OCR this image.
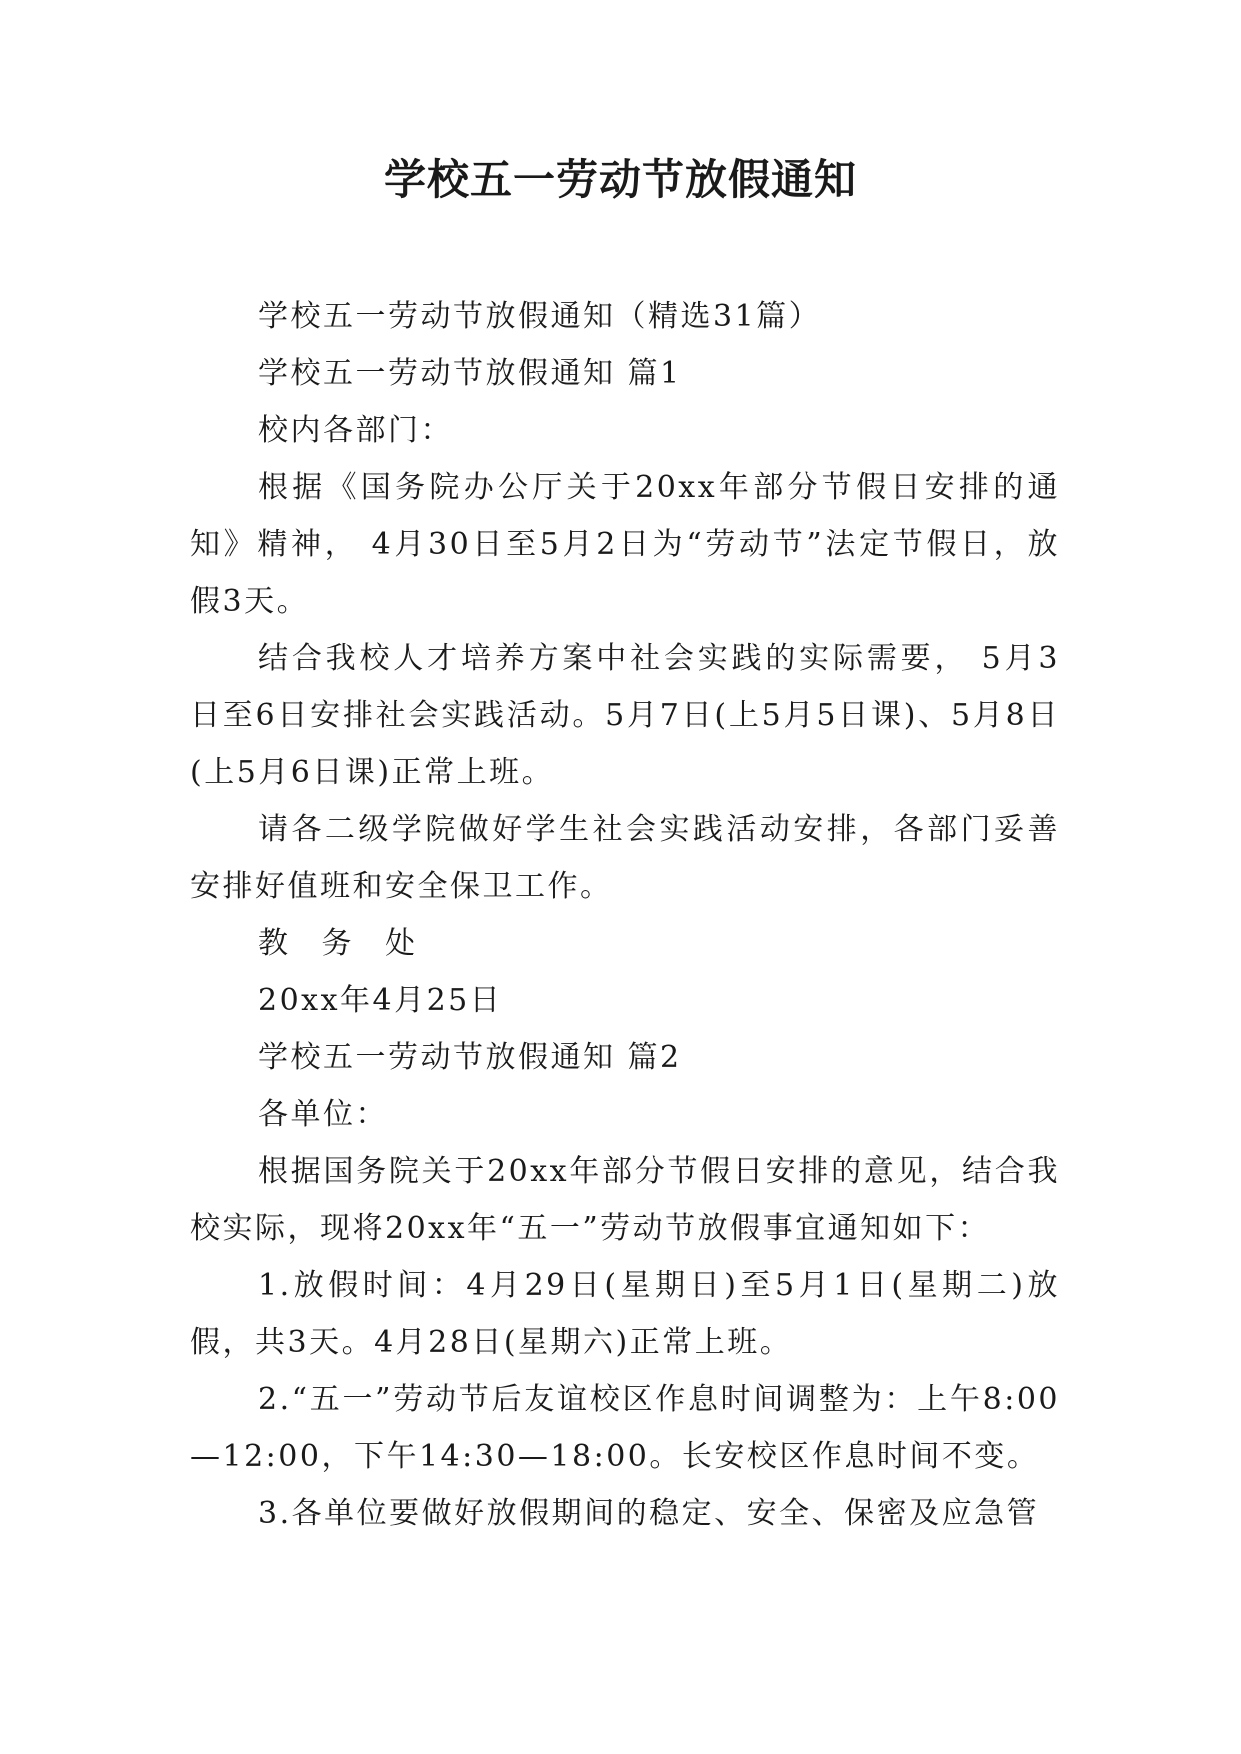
学校五一劳动节放假通知

学校五一劳动节放假通知（精选31篇）

学校五一劳动节放假通知 篇1

校内各部门：

根据《国务院办公厅关于20xx年部分节假日安排的通知》精神， 4月30日至5月2日为“劳动节”法定节假日，放假3天。

结合我校人才培养方案中社会实践的实际需要， 5月3日至6日安排社会实践活动。5月7日(上5月5日课)、5月8日(上5月6日课)正常上班。

请各二级学院做好学生社会实践活动安排，各部门妥善安排好值班和安全保卫工作。

教 务 处

20xx年4月25日

学校五一劳动节放假通知 篇2

各单位：

根据国务院关于20xx年部分节假日安排的意见，结合我校实际，现将20xx年“五一”劳动节放假事宜通知如下：

1.放假时间：4月29日(星期日)至5月1日(星期二)放假，共3天。4月28日(星期六)正常上班。

2.“五一”劳动节后友谊校区作息时间调整为：上午8:00—12:00，下午14:30—18:00。长安校区作息时间不变。

3.各单位要做好放假期间的稳定、安全、保密及应急管
